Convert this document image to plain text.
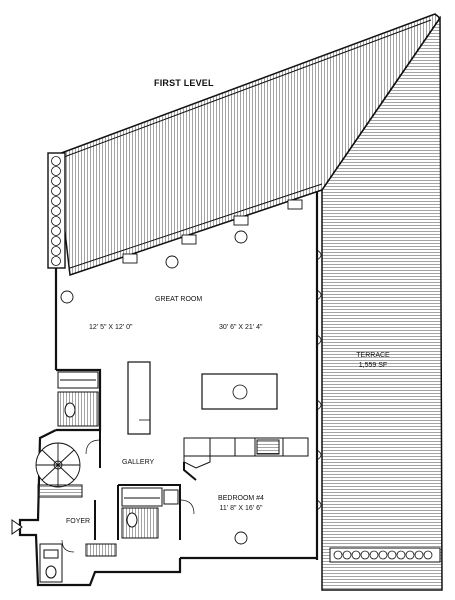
FIRST LEVEL
GREAT ROOM
12' 5" X 12' 0"	30' 6" X 21' 4"
TERRACE
1,559 SF
GALLERY
BEDROOM #4
11' 8" X 16' 6"
FOYER
